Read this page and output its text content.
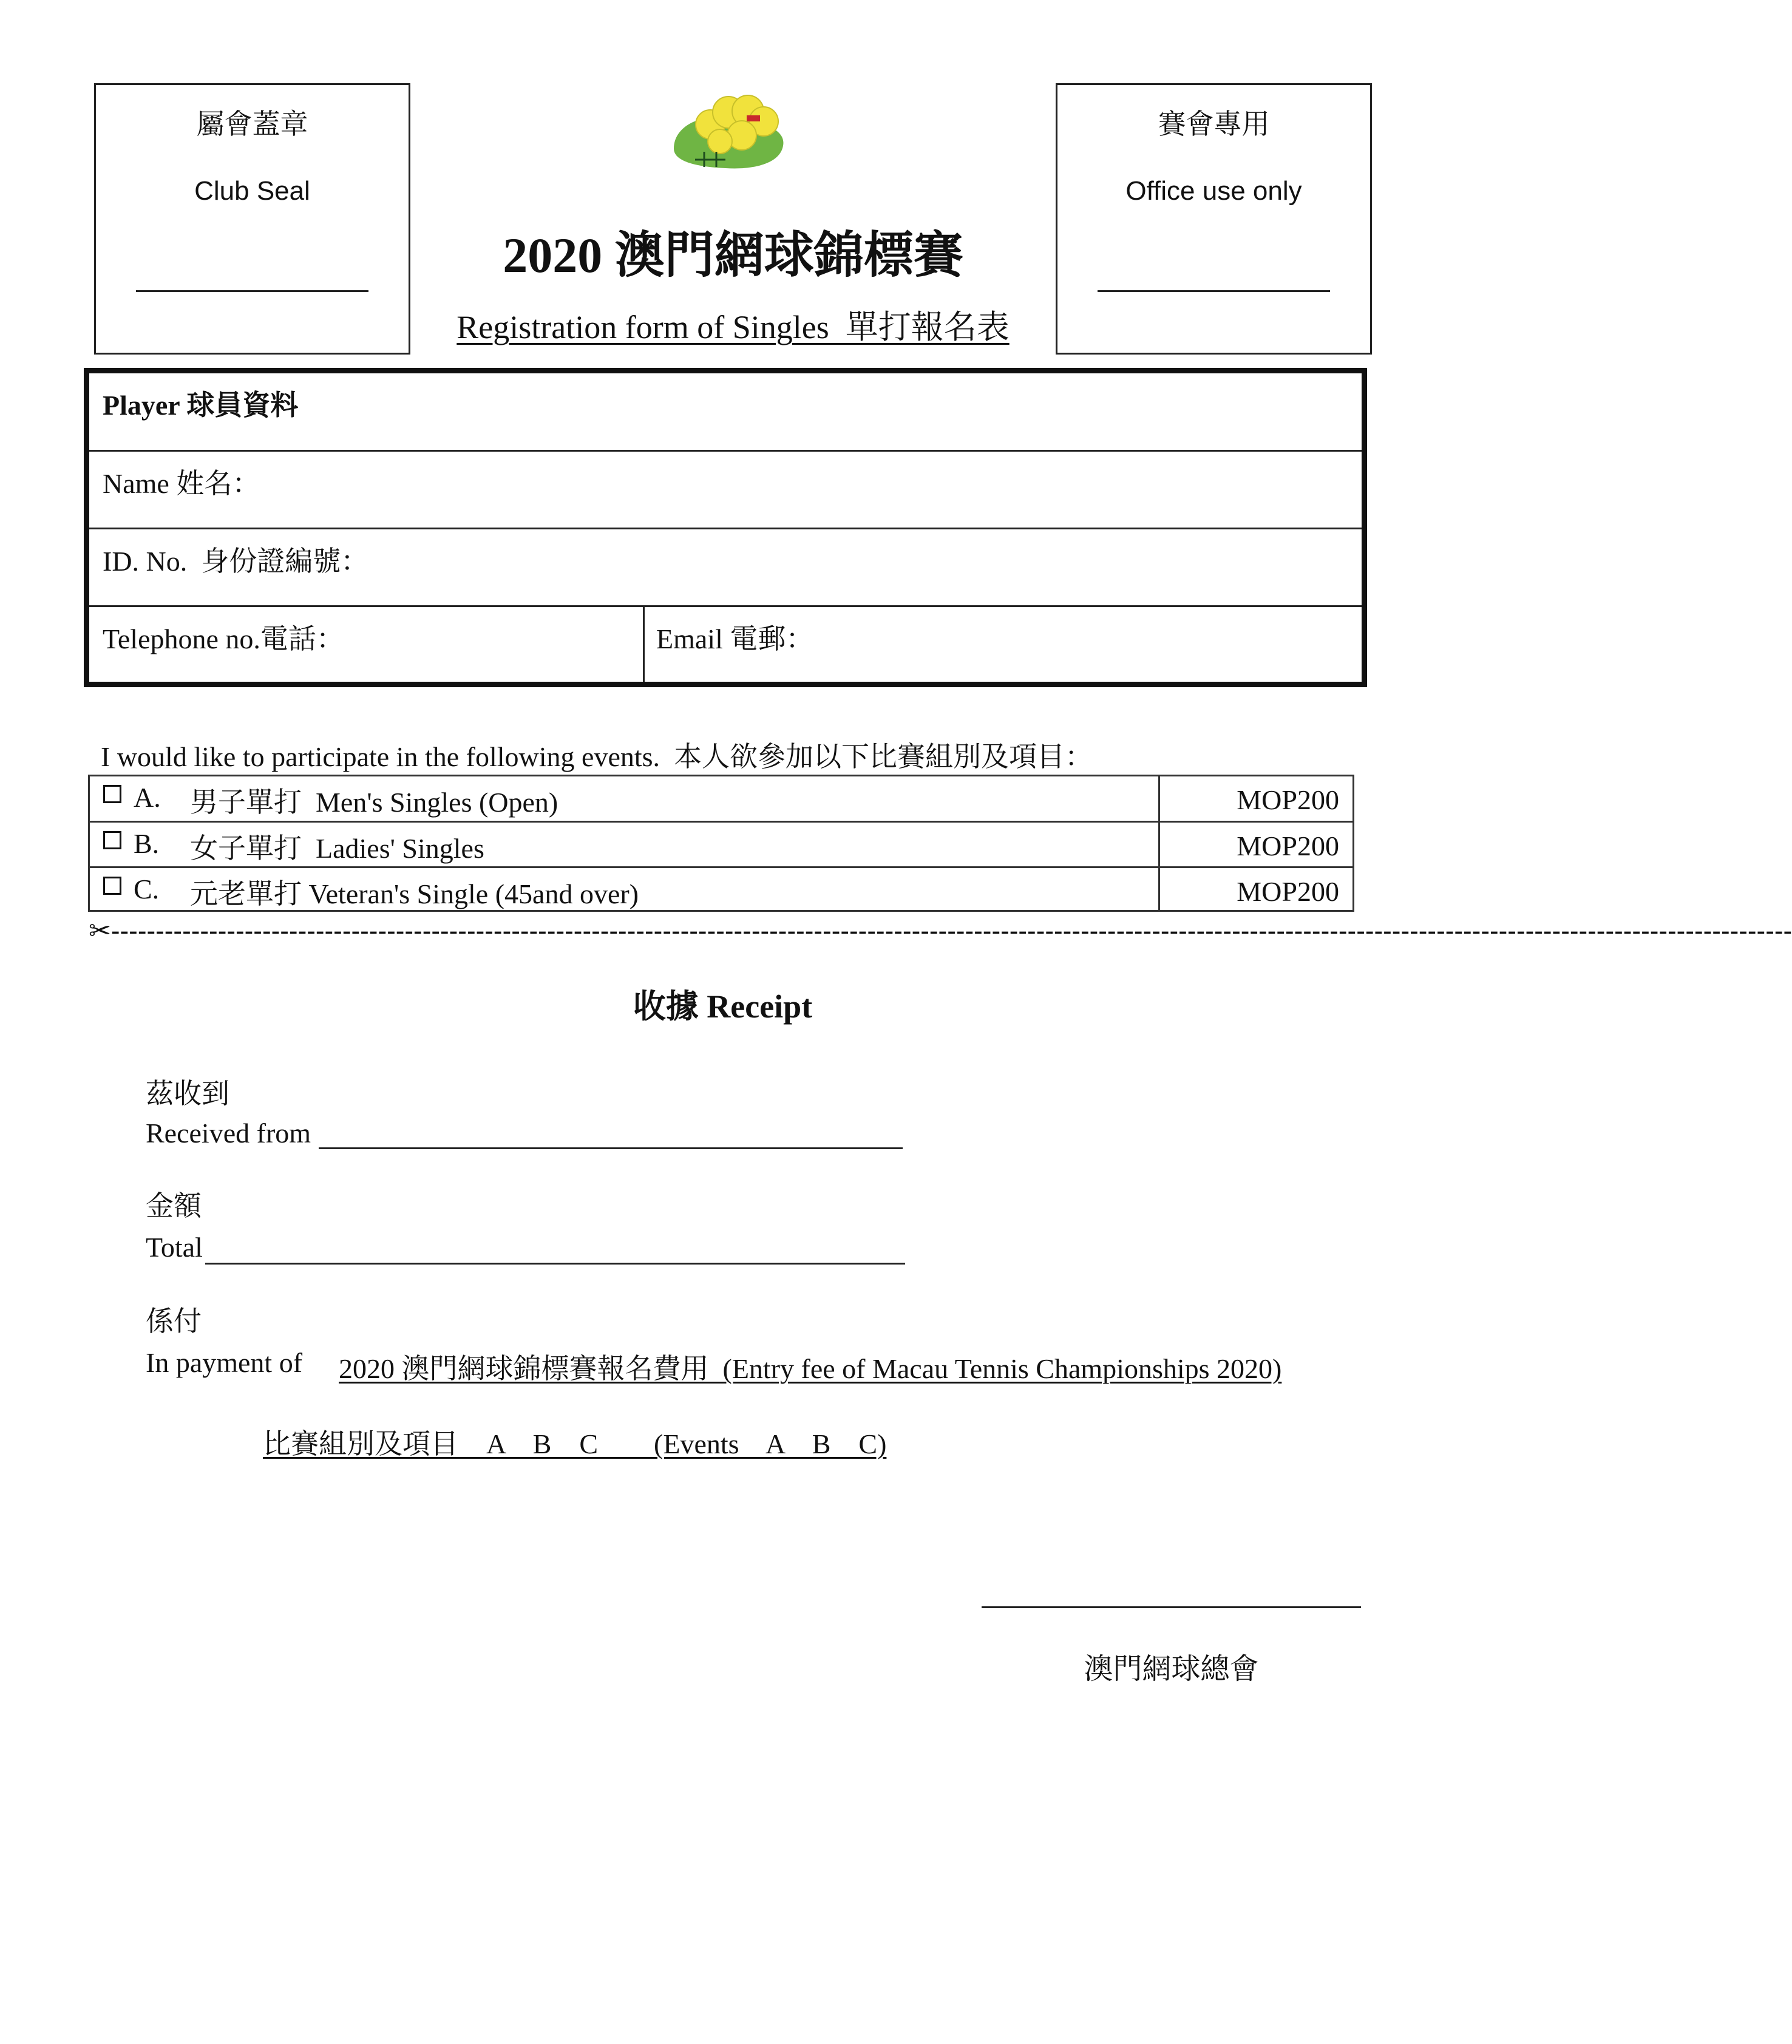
屬會蓋章
Club Seal
賽會專用
Office use only
2020 澳門網球錦標賽
Registration form of Singles  單打報名表
Player 球員資料
Name 姓名：
ID. No.  身份證編號：
Telephone no.電話：	Email 電郵：
I would like to participate in the following events.  本人欲參加以下比賽組別及項目：
A. 男子單打  Men's Singles (Open)	MOP200
B. 女子單打  Ladies' Singles	MOP200
C. 元老單打 Veteran's Single (45and over)	MOP200
✂---------------------------------------------------------------------------------------------------------------------------------------------------------------------------------------------
收據 Receipt
茲收到
Received from
金額
Total
係付
In payment of 2020 澳門網球錦標賽報名費用  (Entry fee of Macau Tennis Championships 2020)
比賽組別及項目    A    B    C        (Events    A    B    C)
澳門網球總會
